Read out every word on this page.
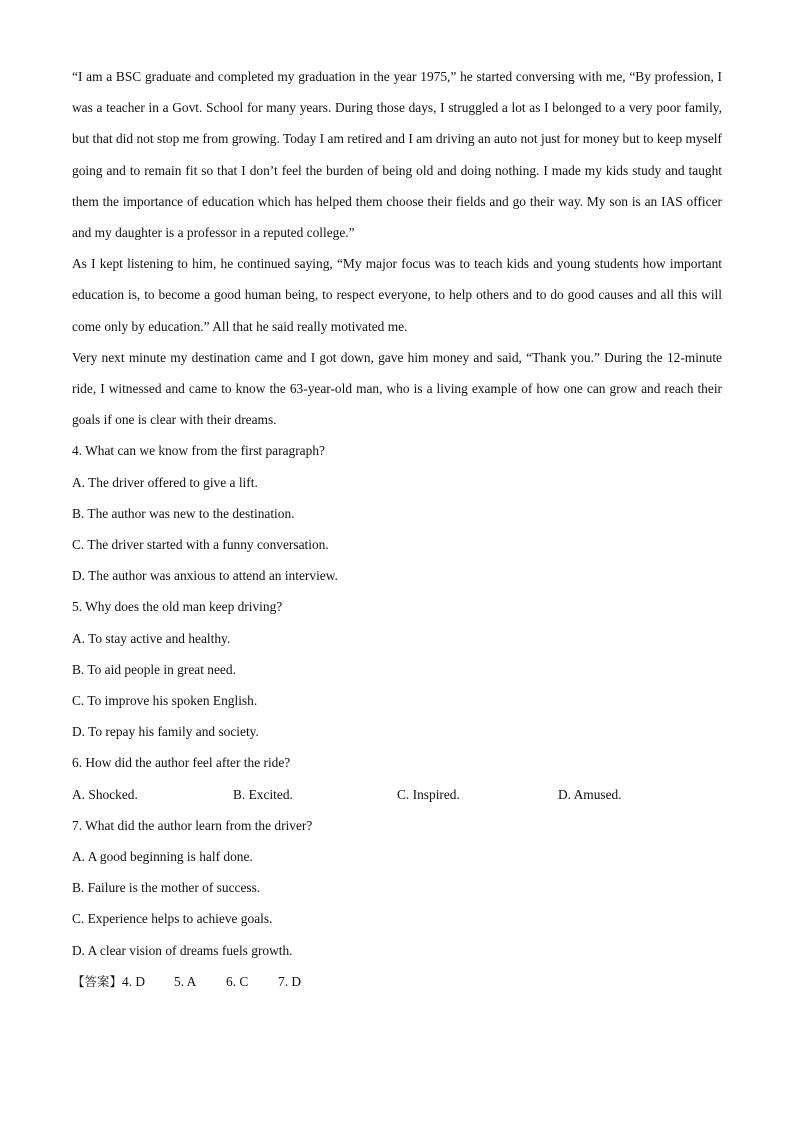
“I am a BSC graduate and completed my graduation in the year 1975,” he started conversing with me, “By profession, I was a teacher in a Govt. School for many years. During those days, I struggled a lot as I belonged to a very poor family, but that did not stop me from growing. Today I am retired and I am driving an auto not just for money but to keep myself going and to remain fit so that I don’t feel the burden of being old and doing nothing. I made my kids study and taught them the importance of education which has helped them choose their fields and go their way. My son is an IAS officer and my daughter is a professor in a reputed college.”

As I kept listening to him, he continued saying, “My major focus was to teach kids and young students how important education is, to become a good human being, to respect everyone, to help others and to do good causes and all this will come only by education.” All that he said really motivated me.

Very next minute my destination came and I got down, gave him money and said, “Thank you.” During the 12-minute ride, I witnessed and came to know the 63-year-old man, who is a living example of how one can grow and reach their goals if one is clear with their dreams.

4. What can we know from the first paragraph?

A. The driver offered to give a lift.

B. The author was new to the destination.

C. The driver started with a funny conversation.

D. The author was anxious to attend an interview.

5. Why does the old man keep driving?

A. To stay active and healthy.

B. To aid people in great need.

C. To improve his spoken English.

D. To repay his family and society.

6. How did the author feel after the ride?

A. Shocked.	B. Excited.	C. Inspired.	D. Amused.

7. What did the author learn from the driver?

A. A good beginning is half done.

B. Failure is the mother of success.

C. Experience helps to achieve goals.

D. A clear vision of dreams fuels growth.

【答案】4. D 5. A 6. C 7. D
